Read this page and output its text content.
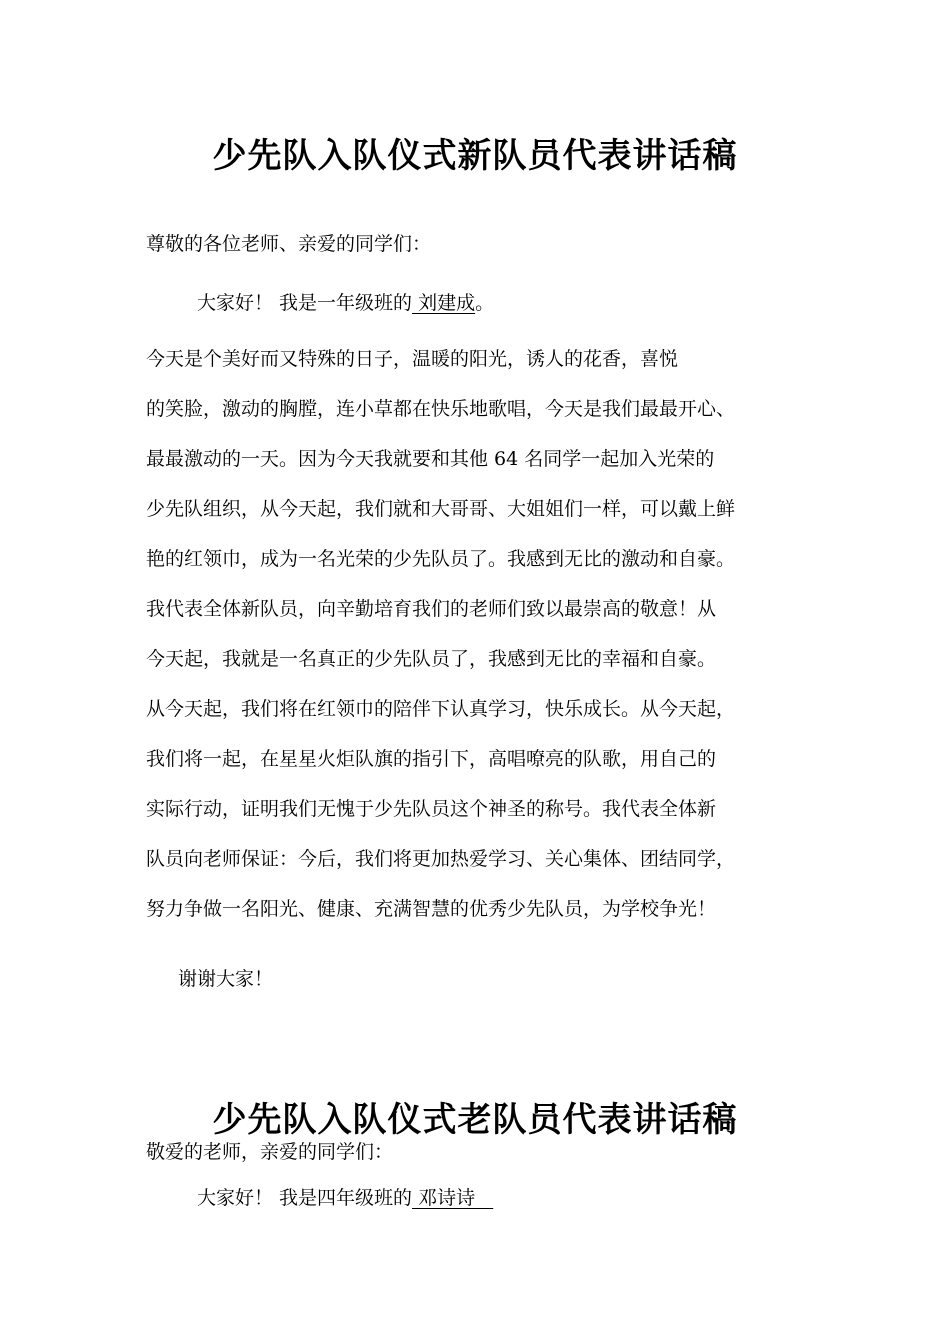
少先队入队仪式新队员代表讲话稿
尊敬的各位老师、亲爱的同学们：
大家好！ 我是一年级班的 刘建成。
今天是个美好而又特殊的日子，温暖的阳光，诱人的花香，喜悦
的笑脸，激动的胸膛，连小草都在快乐地歌唱，今天是我们最最开心、
最最激动的一天。因为今天我就要和其他 64 名同学一起加入光荣的
少先队组织，从今天起，我们就和大哥哥、大姐姐们一样，可以戴上鲜
艳的红领巾，成为一名光荣的少先队员了。我感到无比的激动和自豪。
我代表全体新队员，向辛勤培育我们的老师们致以最崇高的敬意！从
今天起，我就是一名真正的少先队员了，我感到无比的幸福和自豪。
从今天起，我们将在红领巾的陪伴下认真学习，快乐成长。从今天起，
我们将一起，在星星火炬队旗的指引下，高唱嘹亮的队歌，用自己的
实际行动，证明我们无愧于少先队员这个神圣的称号。我代表全体新
队员向老师保证：今后，我们将更加热爱学习、关心集体、团结同学，
努力争做一名阳光、健康、充满智慧的优秀少先队员，为学校争光！
谢谢大家！
少先队入队仪式老队员代表讲话稿
敬爱的老师，亲爱的同学们：
大家好！ 我是四年级班的 邓诗诗
